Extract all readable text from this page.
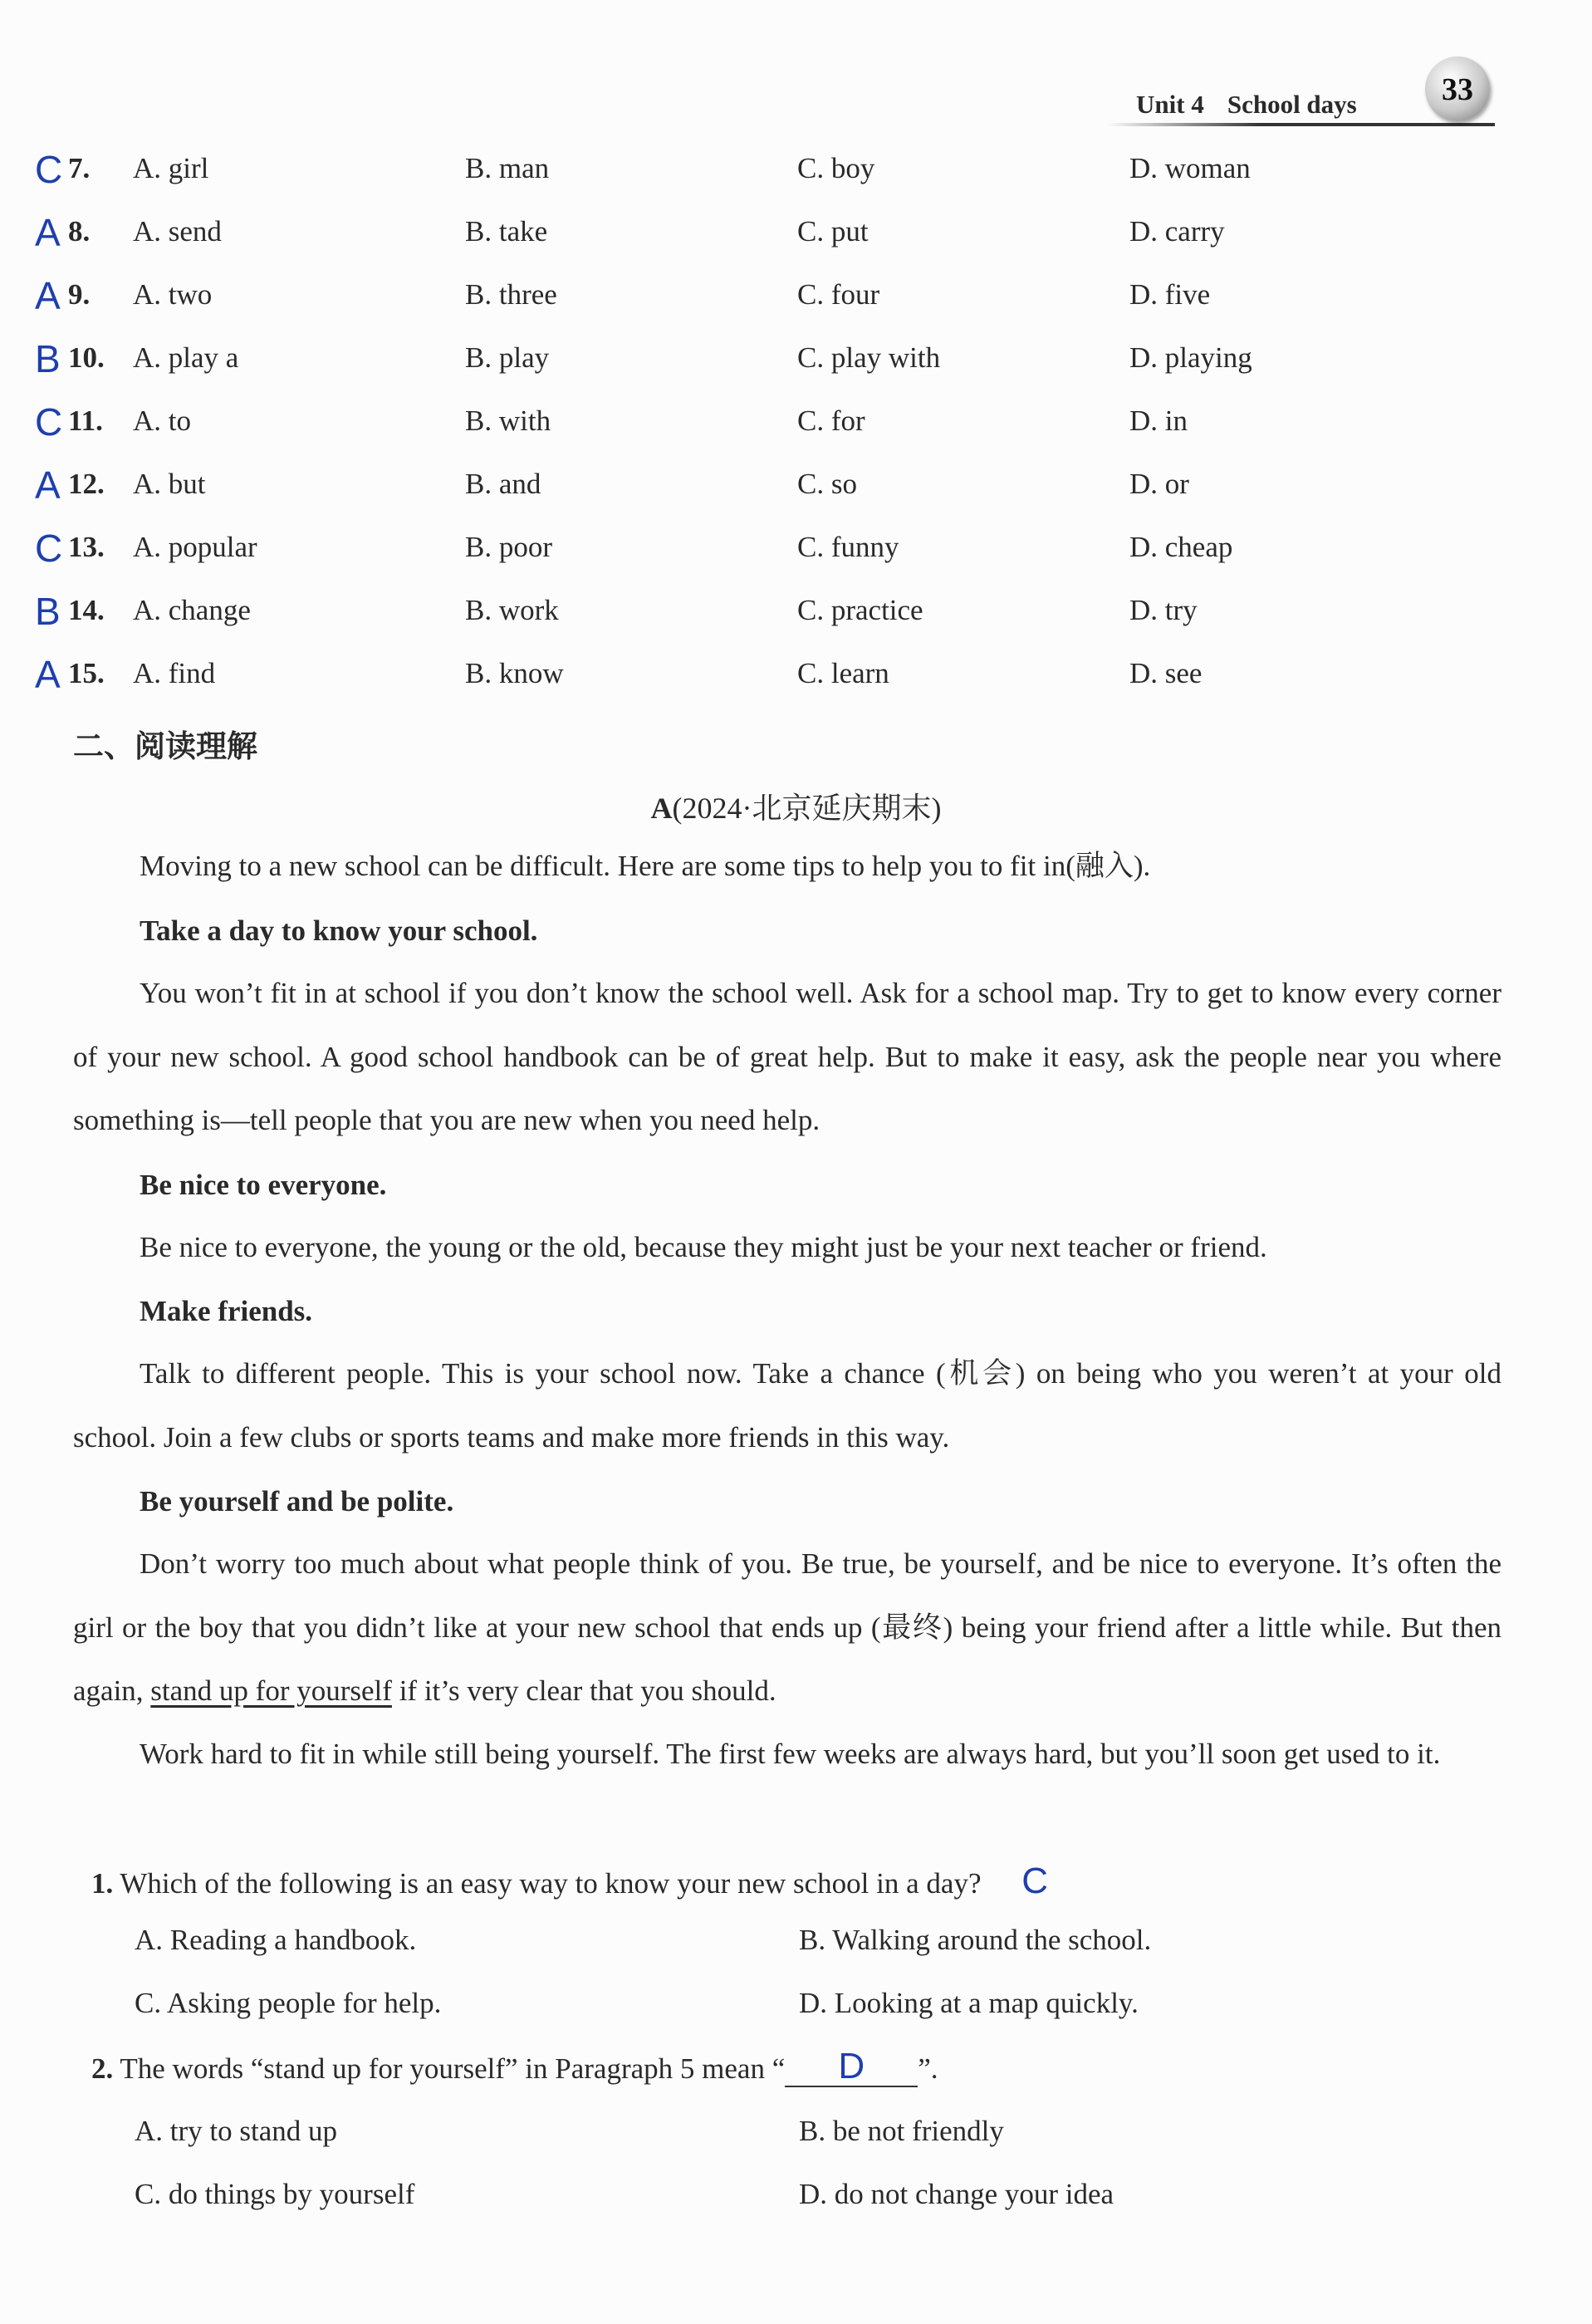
Unit 4 School days	33
C 7. A. girl	B. man	C. boy	D. woman
A 8. A. send	B. take	C. put	D. carry
A 9. A. two	B. three	C. four	D. five
B 10. A. play a	B. play	C. play with	D. playing
C 11. A. to	B. with	C. for	D. in
A 12. A. but	B. and	C. so	D. or
C 13. A. popular	B. poor	C. funny	D. cheap
B 14. A. change	B. work	C. practice	D. try
A 15. A. find	B. know	C. learn	D. see
二、阅读理解
A(2024·北京延庆期末)
Moving to a new school can be difficult. Here are some tips to help you to fit in(融入).
Take a day to know your school.
You won’t fit in at school if you don’t know the school well. Ask for a school map. Try to get to know every corner of your new school. A good school handbook can be of great help. But to make it easy, ask the people near you where something is—tell people that you are new when you need help.
Be nice to everyone.
Be nice to everyone, the young or the old, because they might just be your next teacher or friend.
Make friends.
Talk to different people. This is your school now. Take a chance (机会) on being who you weren’t at your old school. Join a few clubs or sports teams and make more friends in this way.
Be yourself and be polite.
Don’t worry too much about what people think of you. Be true, be yourself, and be nice to everyone. It’s often the girl or the boy that you didn’t like at your new school that ends up (最终) being your friend after a little while. But then again, stand up for yourself if it’s very clear that you should.
Work hard to fit in while still being yourself. The first few weeks are always hard, but you’ll soon get used to it.
1. Which of the following is an easy way to know your new school in a day? C
A. Reading a handbook.	B. Walking around the school.
C. Asking people for help.	D. Looking at a map quickly.
2. The words “stand up for yourself” in Paragraph 5 mean “ D ”.
A. try to stand up	B. be not friendly
C. do things by yourself	D. do not change your idea
